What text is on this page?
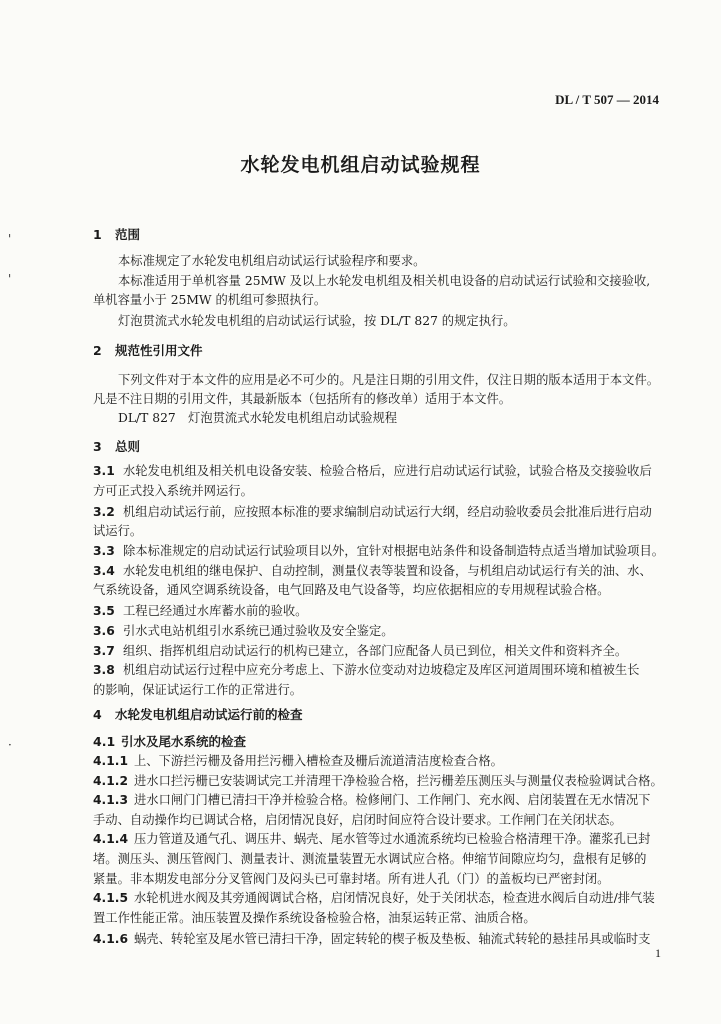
DL / T 507 — 2014
水轮发电机组启动试验规程
1 范围
本标准规定了水轮发电机组启动试运行试验程序和要求。
本标准适用于单机容量 25MW 及以上水轮发电机组及相关机电设备的启动试运行试验和交接验收,
单机容量小于 25MW 的机组可参照执行。
灯泡贯流式水轮发电机组的启动试运行试验，按 DL/T 827 的规定执行。
2 规范性引用文件
下列文件对于本文件的应用是必不可少的。凡是注日期的引用文件，仅注日期的版本适用于本文件。
凡是不注日期的引用文件，其最新版本（包括所有的修改单）适用于本文件。
DL/T 827　灯泡贯流式水轮发电机组启动试验规程
3 总则
3.1 水轮发电机组及相关机电设备安装、检验合格后，应进行启动试运行试验，试验合格及交接验收后
方可正式投入系统并网运行。
3.2 机组启动试运行前，应按照本标准的要求编制启动试运行大纲，经启动验收委员会批准后进行启动
试运行。
3.3 除本标准规定的启动试运行试验项目以外，宜针对根据电站条件和设备制造特点适当增加试验项目。
3.4 水轮发电机组的继电保护、自动控制，测量仪表等装置和设备，与机组启动试运行有关的油、水、
气系统设备，通风空调系统设备，电气回路及电气设备等，均应依据相应的专用规程试验合格。
3.5 工程已经通过水库蓄水前的验收。
3.6 引水式电站机组引水系统已通过验收及安全鉴定。
3.7 组织、指挥机组启动试运行的机构已建立，各部门应配备人员已到位，相关文件和资料齐全。
3.8 机组启动试运行过程中应充分考虑上、下游水位变动对边坡稳定及库区河道周围环境和植被生长
的影响，保证试运行工作的正常进行。
4 水轮发电机组启动试运行前的检查
4.1 引水及尾水系统的检查
4.1.1 上、下游拦污栅及备用拦污栅入槽检查及栅后流道清洁度检查合格。
4.1.2 进水口拦污栅已安装调试完工并清理干净检验合格，拦污栅差压测压头与测量仪表检验调试合格。
4.1.3 进水口闸门门槽已清扫干净并检验合格。检修闸门、工作闸门、充水阀、启闭装置在无水情况下
手动、自动操作均已调试合格，启闭情况良好，启闭时间应符合设计要求。工作闸门在关闭状态。
4.1.4 压力管道及通气孔、调压井、蜗壳、尾水管等过水通流系统均已检验合格清理干净。灌浆孔已封
堵。测压头、测压管阀门、测量表计、测流量装置无水调试应合格。伸缩节间隙应均匀，盘根有足够的
紧量。非本期发电部分分叉管阀门及闷头已可靠封堵。所有进人孔（门）的盖板均已严密封闭。
4.1.5 水轮机进水阀及其旁通阀调试合格，启闭情况良好，处于关闭状态，检查进水阀后自动进/排气装
置工作性能正常。油压装置及操作系统设备检验合格，油泵运转正常、油质合格。
4.1.6 蜗壳、转轮室及尾水管已清扫干净，固定转轮的楔子板及垫板、轴流式转轮的悬挂吊具或临时支
1
'
'
·
